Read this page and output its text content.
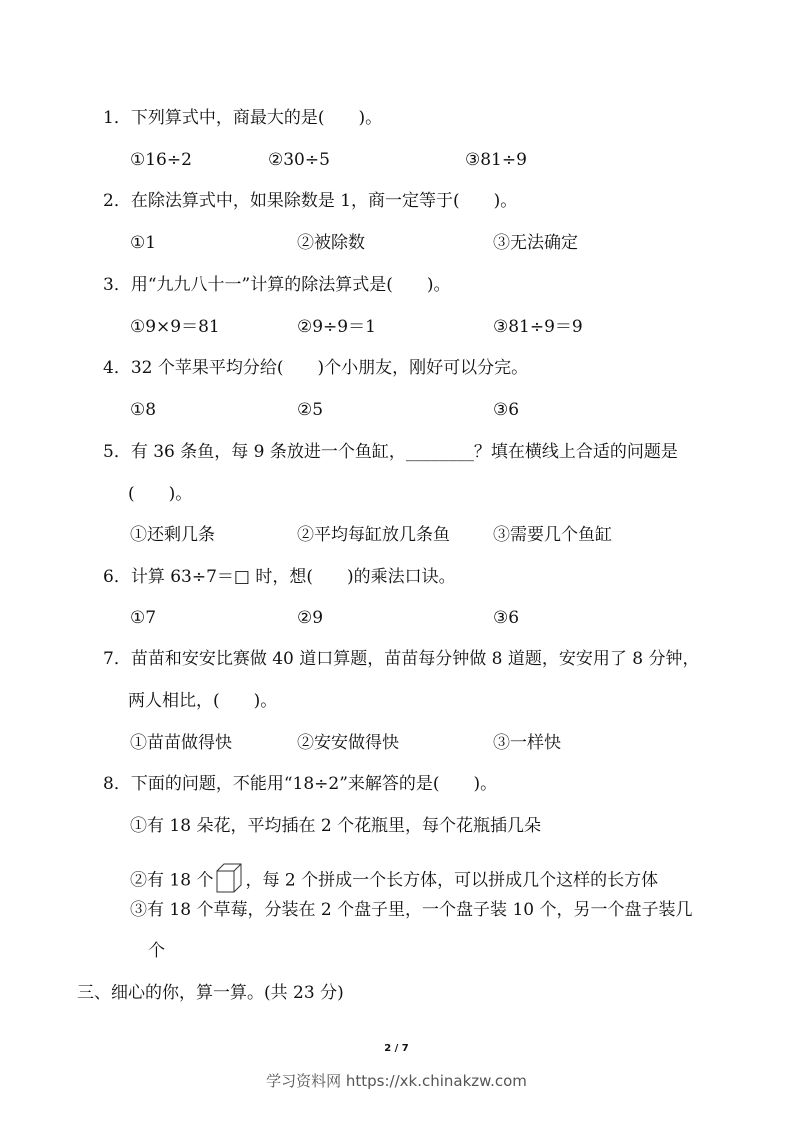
1．下列算式中，商最大的是(　　)。
①16÷2	②30÷5	③81÷9
2．在除法算式中，如果除数是 1，商一定等于(　　)。
①1	②被除数	③无法确定
3．用“九九八十一”计算的除法算式是(　　)。
①9×9＝81	②9÷9＝1	③81÷9＝9
4．32 个苹果平均分给(　　)个小朋友，刚好可以分完。
①8	②5	③6
5．有 36 条鱼，每 9 条放进一个鱼缸，________？填在横线上合适的问题是
(　　)。
①还剩几条	②平均每缸放几条鱼	③需要几个鱼缸
6．计算 63÷7＝□ 时，想(　　)的乘法口诀。
①7	②9	③6
7．苗苗和安安比赛做 40 道口算题，苗苗每分钟做 8 道题，安安用了 8 分钟，
两人相比，(　　)。
①苗苗做得快	②安安做得快	③一样快
8．下面的问题，不能用“18÷2”来解答的是(　　)。
①有 18 朵花，平均插在 2 个花瓶里，每个花瓶插几朵
②有 18 个 ，每 2 个拼成一个长方体，可以拼成几个这样的长方体
③有 18 个草莓，分装在 2 个盘子里，一个盘子装 10 个，另一个盘子装几
个
三、细心的你，算一算。(共 23 分)
2 / 7
学习资料网 https://xk.chinakzw.com
